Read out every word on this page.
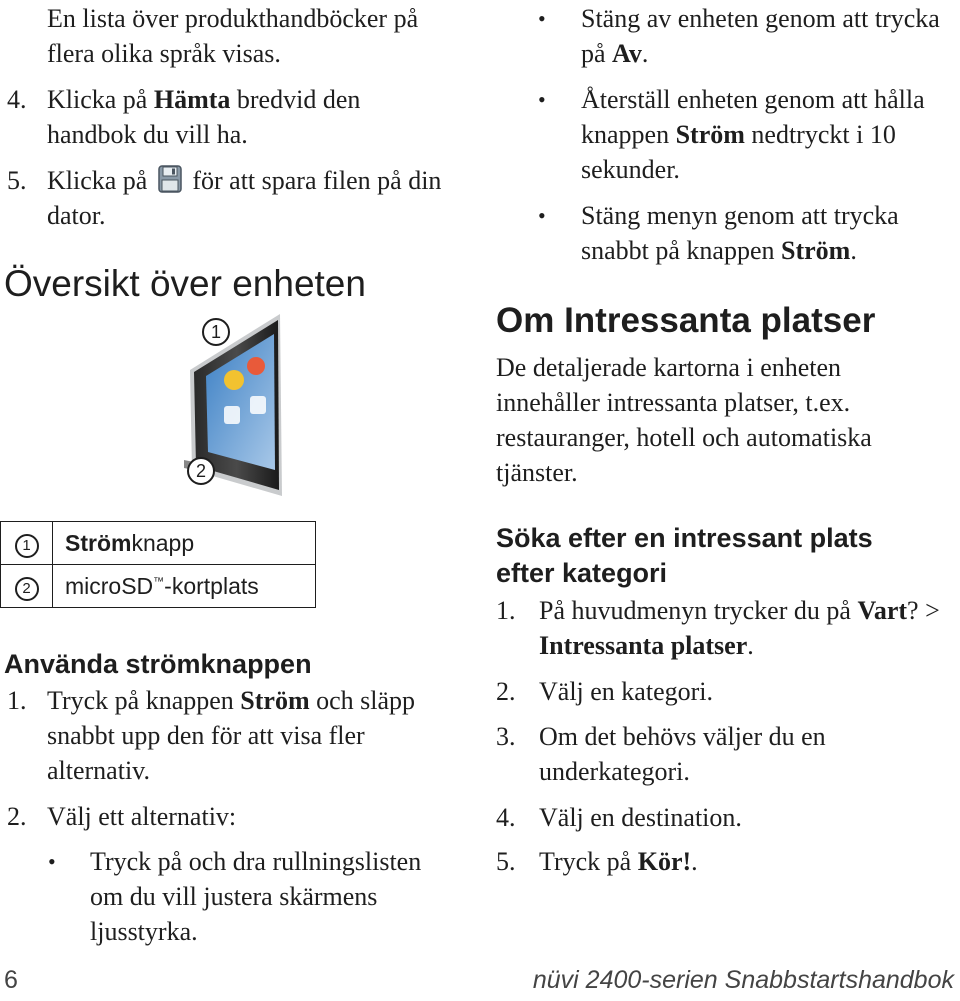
En lista över produkthandböcker på
flera olika språk visas.
4. Klicka på Hämta bredvid den
handbok du vill ha.
5. Klicka på för att spara filen på din
dator.
Översikt över enheten
1
2
1	Strömknapp
2	microSD™-kortplats
Använda strömknappen
1. Tryck på knappen Ström och släpp
snabbt upp den för att visa fler
alternativ.
2. Välj ett alternativ:
• Tryck på och dra rullningslisten
om du vill justera skärmens
ljusstyrka.
• Stäng av enheten genom att trycka
på Av.
• Återställ enheten genom att hålla
knappen Ström nedtryckt i 10
sekunder.
• Stäng menyn genom att trycka
snabbt på knappen Ström.
Om Intressanta platser
De detaljerade kartorna i enheten
innehåller intressanta platser, t.ex.
restauranger, hotell och automatiska
tjänster.
Söka efter en intressant plats
efter kategori
1. På huvudmenyn trycker du på Vart? >
Intressanta platser.
2. Välj en kategori.
3. Om det behövs väljer du en
underkategori.
4. Välj en destination.
5. Tryck på Kör!.
6	nüvi 2400-serien Snabbstartshandbok
